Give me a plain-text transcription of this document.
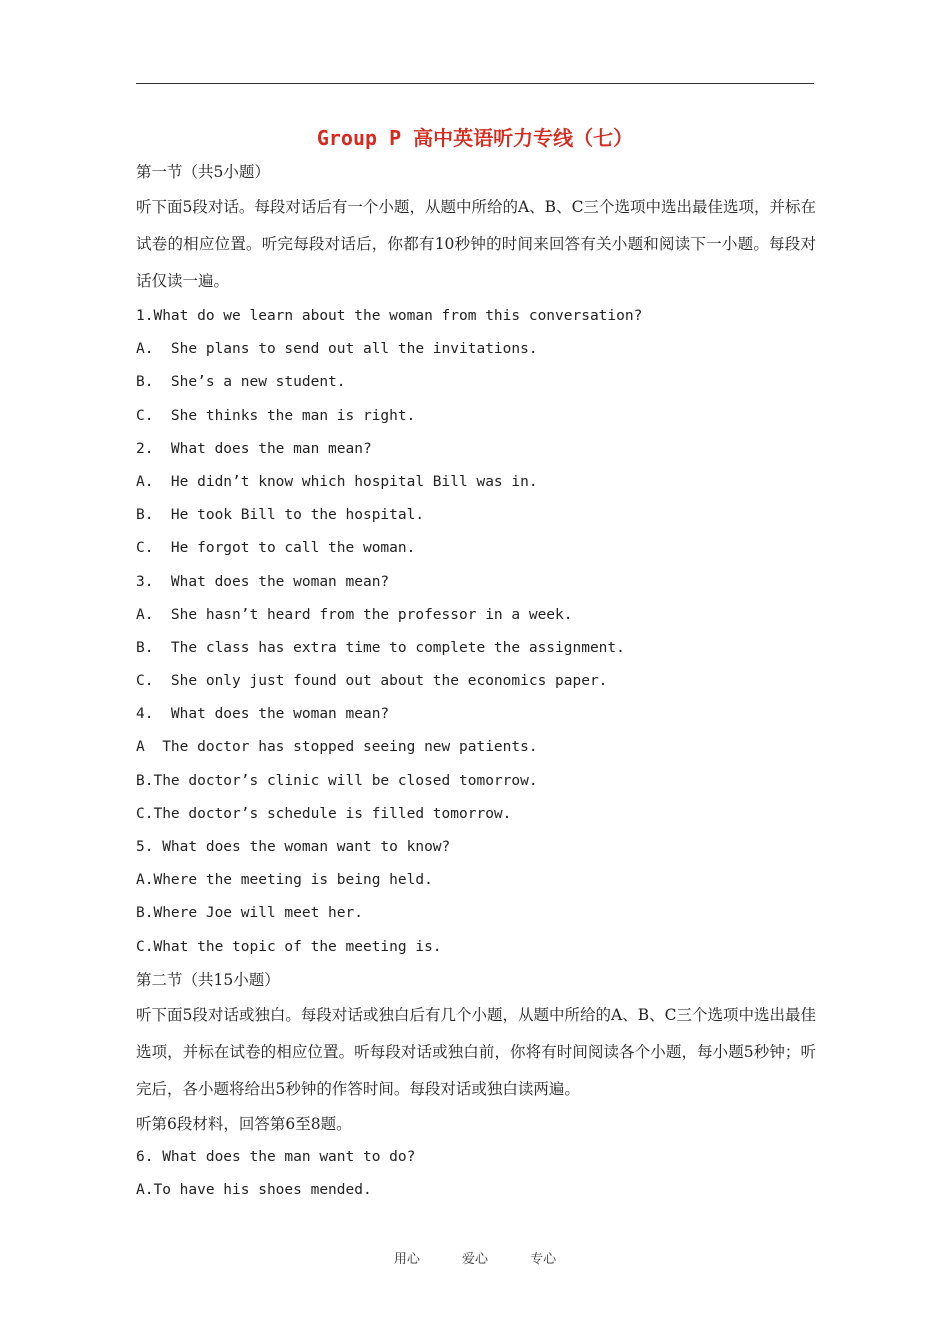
Group P 高中英语听力专线（七）
第一节（共5小题）
听下面5段对话。每段对话后有一个小题，从题中所给的A、B、C三个选项中选出最佳选项，并标在试卷的相应位置。听完每段对话后，你都有10秒钟的时间来回答有关小题和阅读下一小题。每段对话仅读一遍。
1.What do we learn about the woman from this conversation?
A.  She plans to send out all the invitations.
B.  She’s a new student.
C.  She thinks the man is right.
2.  What does the man mean?
A.  He didn’t know which hospital Bill was in.
B.  He took Bill to the hospital.
C.  He forgot to call the woman.
3.  What does the woman mean?
A.  She hasn’t heard from the professor in a week.
B.  The class has extra time to complete the assignment.
C.  She only just found out about the economics paper.
4.  What does the woman mean?
A  The doctor has stopped seeing new patients.
B.The doctor’s clinic will be closed tomorrow.
C.The doctor’s schedule is filled tomorrow.
5. What does the woman want to know?
A.Where the meeting is being held.
B.Where Joe will meet her.
C.What the topic of the meeting is.
第二节（共15小题）
听下面5段对话或独白。每段对话或独白后有几个小题，从题中所给的A、B、C三个选项中选出最佳选项，并标在试卷的相应位置。听每段对话或独白前，你将有时间阅读各个小题，每小题5秒钟；听完后，各小题将给出5秒钟的作答时间。每段对话或独白读两遍。
听第6段材料，回答第6至8题。
6. What does the man want to do?
A.To have his shoes mended.
用心 爱心 专心
